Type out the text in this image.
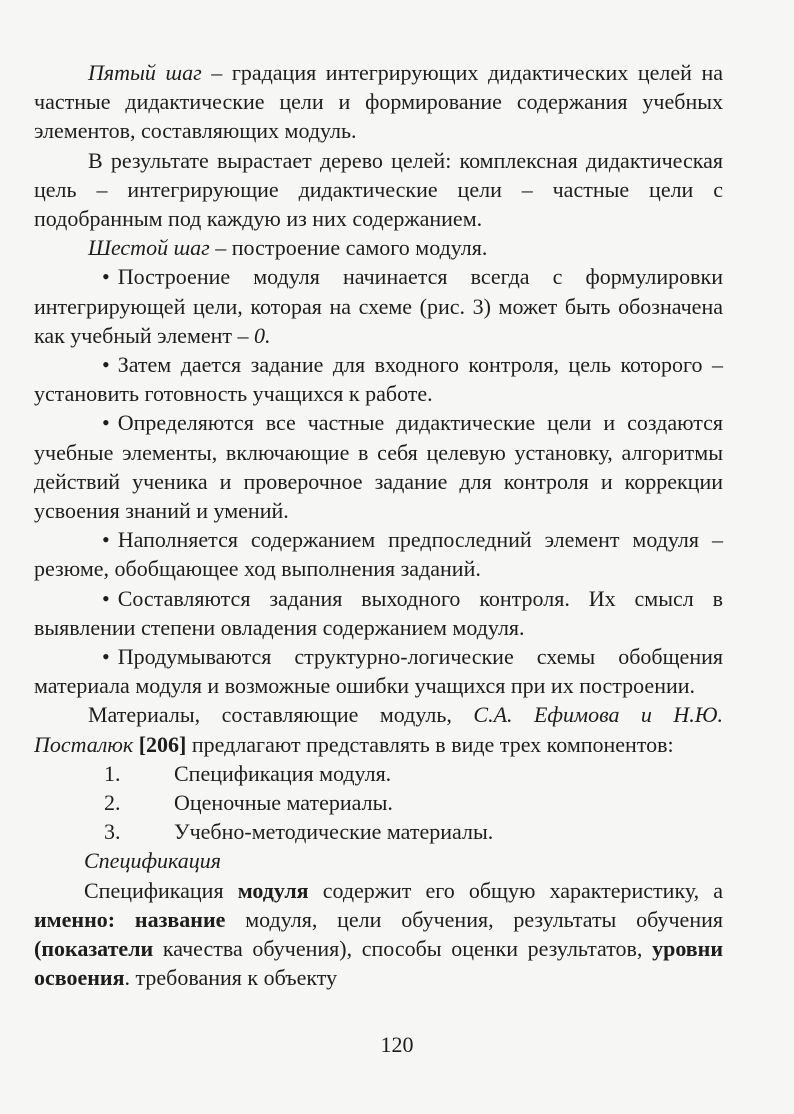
Пятый шаг – градация интегрирующих дидактических целей на частные дидактические цели и формирование содержания учебных элементов, составляющих модуль.

В результате вырастает дерево целей: комплексная дидактическая цель – интегрирующие дидактические цели – частные цели с подобранным под каждую из них содержанием.

Шестой шаг – построение самого модуля.

• Построение модуля начинается всегда с формулировки интегрирующей цели, которая на схеме (рис. 3) может быть обозначена как учебный элемент – 0.

• Затем дается задание для входного контроля, цель которого – установить готовность учащихся к работе.

• Определяются все частные дидактические цели и создаются учебные элементы, включающие в себя целевую установку, алгоритмы действий ученика и проверочное задание для контроля и коррекции усвоения знаний и умений.

• Наполняется содержанием предпоследний элемент модуля – резюме, обобщающее ход выполнения заданий.

• Составляются задания выходного контроля. Их смысл в выявлении степени овладения содержанием модуля.

• Продумываются структурно-логические схемы обобщения материала модуля и возможные ошибки учащихся при их построении.

Материалы, составляющие модуль, С.А. Ефимова и Н.Ю. Посталюк [206] предлагают представлять в виде трех компонентов:

1.	Спецификация модуля.

2.	Оценочные материалы.

3.	Учебно-методические материалы.

Спецификация

Спецификация модуля содержит его общую характеристику, а именно: название модуля, цели обучения, результаты обучения (показатели качества обучения), способы оценки результатов, уровни освоения. требования к объекту

120
